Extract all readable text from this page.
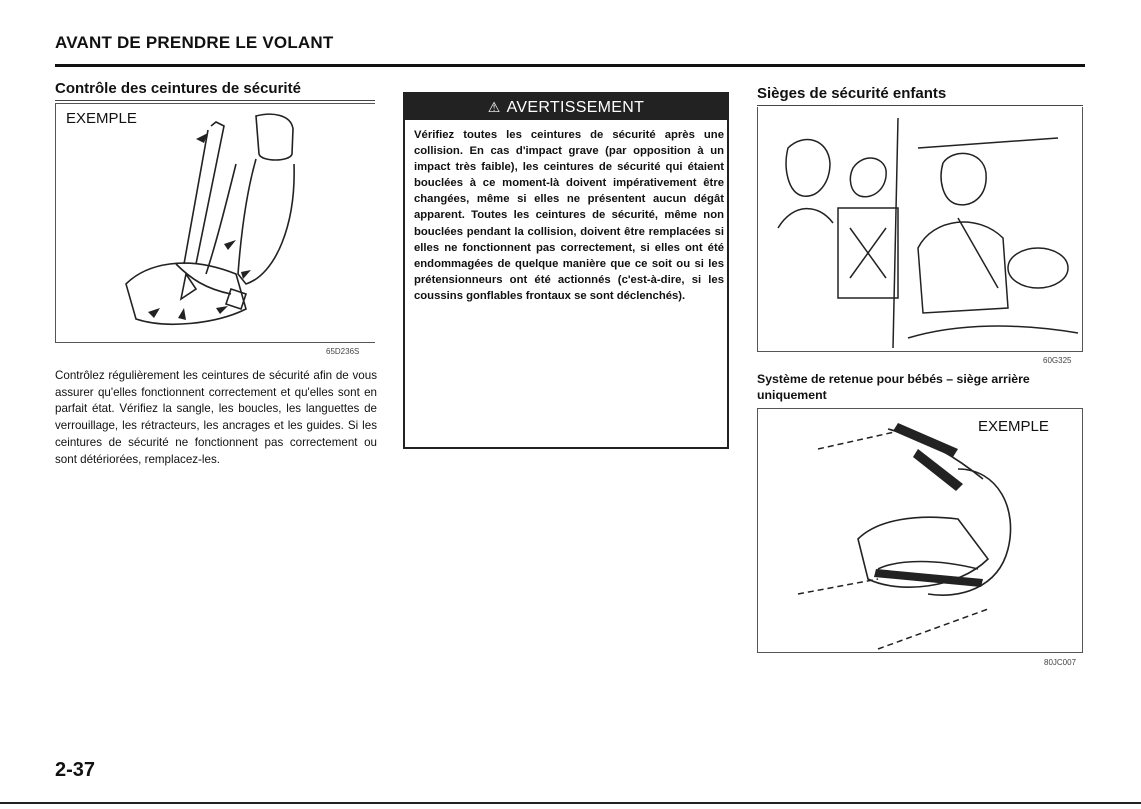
AVANT DE PRENDRE LE VOLANT
Contrôle des ceintures de sécurité
EXEMPLE
65D236S
Contrôlez régulièrement les ceintures de sécurité afin de vous assurer qu'elles fonctionnent correctement et qu'elles sont en parfait état. Vérifiez la sangle, les boucles, les languettes de verrouillage, les rétracteurs, les ancrages et les guides. Si les ceintures de sécurité ne fonctionnent pas correctement ou sont détériorées, remplacez-les.
⚠ AVERTISSEMENT
Vérifiez toutes les ceintures de sécurité après une collision. En cas d'impact grave (par opposition à un impact très faible), les ceintures de sécurité qui étaient bouclées à ce moment-là doivent impérativement être changées, même si elles ne présentent aucun dégât apparent. Toutes les ceintures de sécurité, même non bouclées pendant la collision, doivent être remplacées si elles ne fonctionnent pas correctement, si elles ont été endommagées de quelque manière que ce soit ou si les prétensionneurs ont été actionnés (c'est-à-dire, si les coussins gonflables frontaux se sont déclenchés).
Sièges de sécurité enfants
60G325
Système de retenue pour bébés – siège arrière uniquement
EXEMPLE
80JC007
2-37
